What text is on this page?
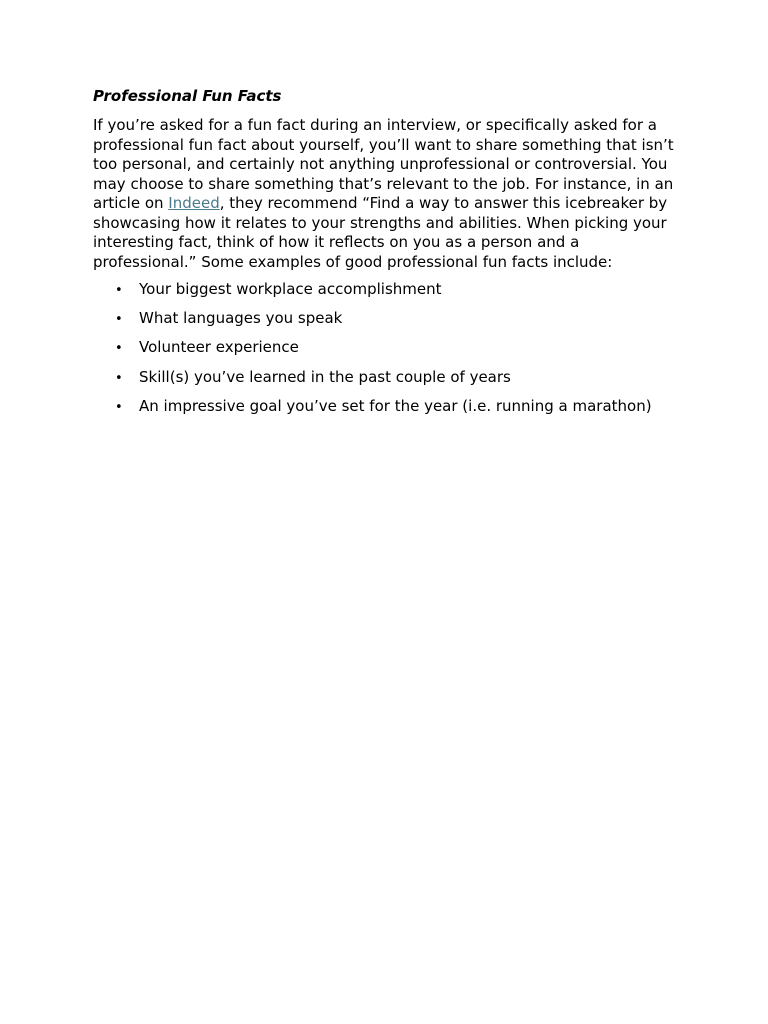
Professional Fun Facts

If you’re asked for a fun fact during an interview, or specifically asked for a professional fun fact about yourself, you’ll want to share something that isn’t too personal, and certainly not anything unprofessional or controversial. You may choose to share something that’s relevant to the job. For instance, in an article on Indeed, they recommend “Find a way to answer this icebreaker by showcasing how it relates to your strengths and abilities. When picking your interesting fact, think of how it reflects on you as a person and a professional.” Some examples of good professional fun facts include:

• Your biggest workplace accomplishment
• What languages you speak
• Volunteer experience
• Skill(s) you’ve learned in the past couple of years
• An impressive goal you’ve set for the year (i.e. running a marathon)
